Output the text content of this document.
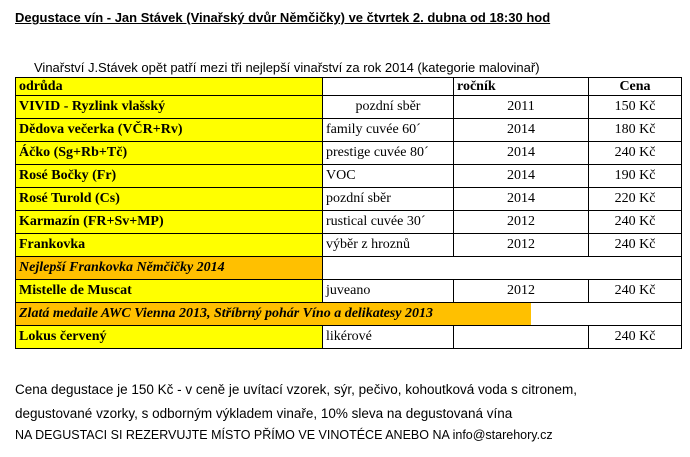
Degustace vín - Jan Stávek (Vinařský dvůr Němčičky) ve čtvrtek 2. dubna od 18:30 hod
Vinařství J.Stávek opět patří mezi tři nejlepší vinařství za rok 2014 (kategorie malovinař)
odrůda		ročník	Cena
VIVID - Ryzlink vlašský	pozdní sběr	2011	150 Kč
Dědova večerka (VČR+Rv)	family cuvée 60´	2014	180 Kč
Áčko (Sg+Rb+Tč)	prestige cuvée 80´	2014	240 Kč
Rosé Bočky (Fr)	VOC	2014	190 Kč
Rosé Turold (Cs)	pozdní sběr	2014	220 Kč
Karmazín (FR+Sv+MP)	rustical cuvée 30´	2012	240 Kč
Frankovka	výběr z hroznů	2012	240 Kč
Nejlepší Frankovka Němčičky 2014			
Mistelle de Muscat	juveano	2012	240 Kč
Zlatá medaile AWC Vienna 2013, Stříbrný pohár Víno a delikatesy 2013			
Lokus červený	likérové		240 Kč
Cena degustace je 150 Kč - v ceně je uvítací vzorek, sýr, pečivo, kohoutková voda s citronem,
degustované vzorky, s odborným výkladem vinaře, 10% sleva na degustovaná vína
NA DEGUSTACI SI REZERVUJTE MÍSTO PŘÍMO VE VINOTÉCE ANEBO NA info@starehory.cz
